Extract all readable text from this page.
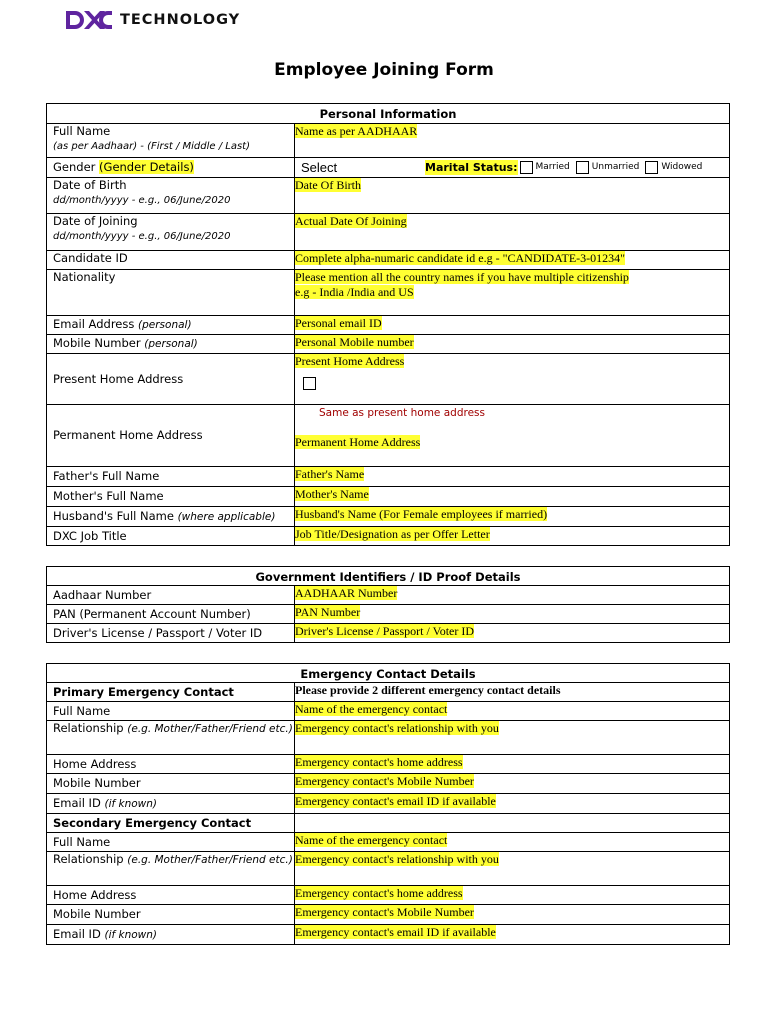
TECHNOLOGY
Employee Joining Form
Personal Information	

Full Name
(as per Aadhaar) - (First / Middle / Last)	Name as per AADHAAR
Gender (Gender Details)	Select Marital Status: Married Unmarried Widowed

Date of Birth
dd/month/yyyy - e.g., 06/June/2020	Date Of Birth

Date of Joining
dd/month/yyyy - e.g., 06/June/2020	Actual Date Of Joining
Candidate ID	Complete alpha-numaric candidate id e.g - "CANDIDATE-3-01234"
Nationality	Please mention all the country names if you have multiple citizenship
e.g - India /India and US

Email Address (personal)	Personal email ID
Mobile Number (personal)	Personal Mobile number
Present Home Address	Present Home Address

Permanent Home Address	Same as present home address
Permanent Home Address

Father's Full Name	Father's Name
Mother's Full Name	Mother's Name
Husband's Full Name (where applicable)	Husband's Name (For Female employees if married)
DXC Job Title	Job Title/Designation as per Offer Letter
Government Identifiers / ID Proof Details	
Aadhaar Number	AADHAAR Number
PAN (Permanent Account Number)	PAN Number
Driver's License / Passport / Voter ID	Driver's License / Passport / Voter ID
Emergency Contact Details	
Primary Emergency Contact	Please provide 2 different emergency contact details
Full Name	Name of the emergency contact
Relationship (e.g. Mother/Father/Friend etc.)	Emergency contact's relationship with you
Home Address	Emergency contact's home address
Mobile Number	Emergency contact's Mobile Number
Email ID (if known)	Emergency contact's email ID if available
Secondary Emergency Contact	
Full Name	Name of the emergency contact
Relationship (e.g. Mother/Father/Friend etc.)	Emergency contact's relationship with you
Home Address	Emergency contact's home address
Mobile Number	Emergency contact's Mobile Number
Email ID (if known)	Emergency contact's email ID if available
